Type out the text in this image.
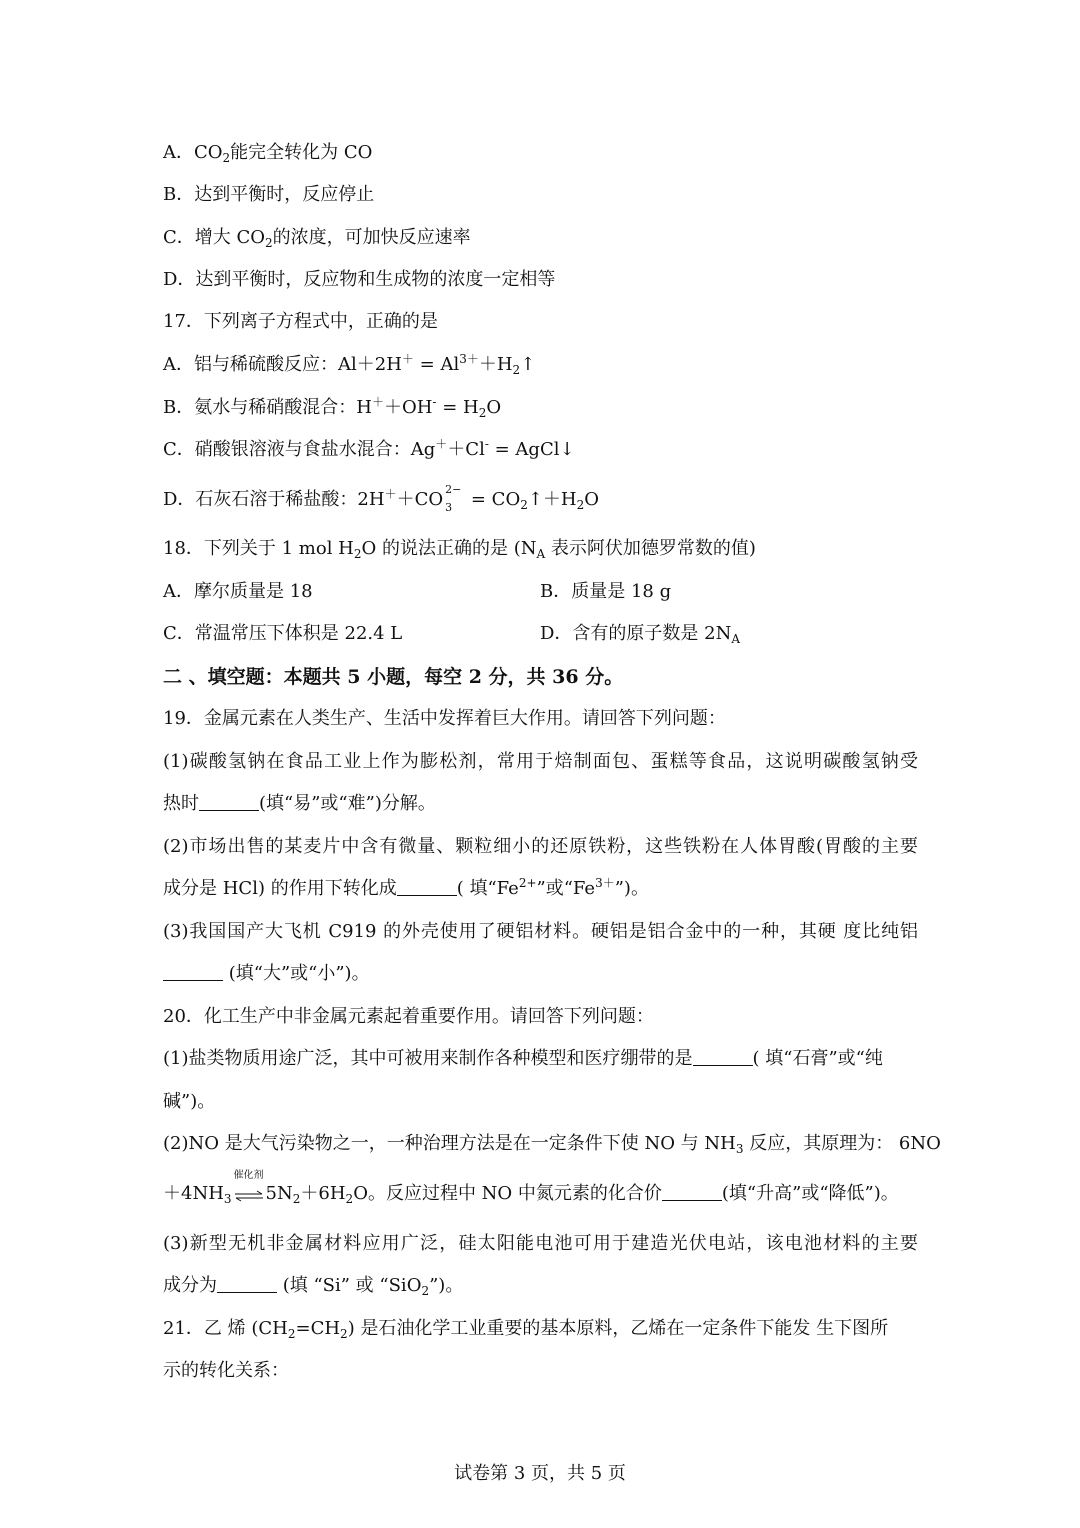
A．$CO_2$能完全转化为 CO
B．达到平衡时，反应停止
C．增大 $CO_2$的浓度，可加快反应速率
D．达到平衡时，反应物和生成物的浓度一定相等
17．下列离子方程式中，正确的是
A．铝与稀硫酸反应：$Al+2H^+ = Al^{3+}+H_2↑$
B．氨水与稀硝酸混合：$H^++OH^- = H_2O$
C．硝酸银溶液与食盐水混合：Ag＋＋Cl- = AgCl↓
D．石灰石溶于稀盐酸：2H＋＋CO 2−
$3 = CO_2↑+H_2O$
18．下列关于 1 mol $H_2O$ 的说法正确的是 ($N_A$ 表示阿伏加德罗常数的值)
A．摩尔质量是 18	B．质量是 18 g
C．常温常压下体积是 22.4 L	D．含有的原子数是 $2N_A$
二 、填空题：本题共 5 小题，每空 2 分，共 36 分。
19．金属元素在人类生产、生活中发挥着巨大作用。请回答下列问题：
(1)碳酸氢钠在食品工业上作为膨松剂，常用于焙制面包、蛋糕等食品，这说明碳酸氢钠受
热时	(填“易”或“难”)分解。
(2)市场出售的某麦片中含有微量、颗粒细小的还原铁粉，这些铁粉在人体胃酸(胃酸的主要
成分是 HCl) 的作用下转化成	( 填“$Fe^{2+}$”或“$Fe^{3+}$”)。
(3)我国国产大飞机 C919 的外壳使用了硬铝材料。硬铝是铝合金中的一种，其硬 度比纯铝
(填“大”或“小”)。
20．化工生产中非金属元素起着重要作用。请回答下列问题：
(1)盐类物质用途广泛，其中可被用来制作各种模型和医疗绷带的是	( 填“石膏”或“纯
碱”)。
(2)NO 是大气污染物之一，一种治理方法是在一定条件下使 NO 与 $NH_3$ 反应，其原理为： 6NO
$+4NH_3$
催化剂
$5N_2+6H_2O$。反应过程中 NO 中氮元素的化合价	(填“升高”或“降低”)。
(3)新型无机非金属材料应用广泛，硅太阳能电池可用于建造光伏电站，该电池材料的主要
成分为	(填 “Si” 或 “SiO$_2$”)。
21．乙 烯 $(CH_2=CH_2)$ 是石油化学工业重要的基本原料，乙烯在一定条件下能发 生下图所
示的转化关系：
试卷第 3 页，共 5 页
